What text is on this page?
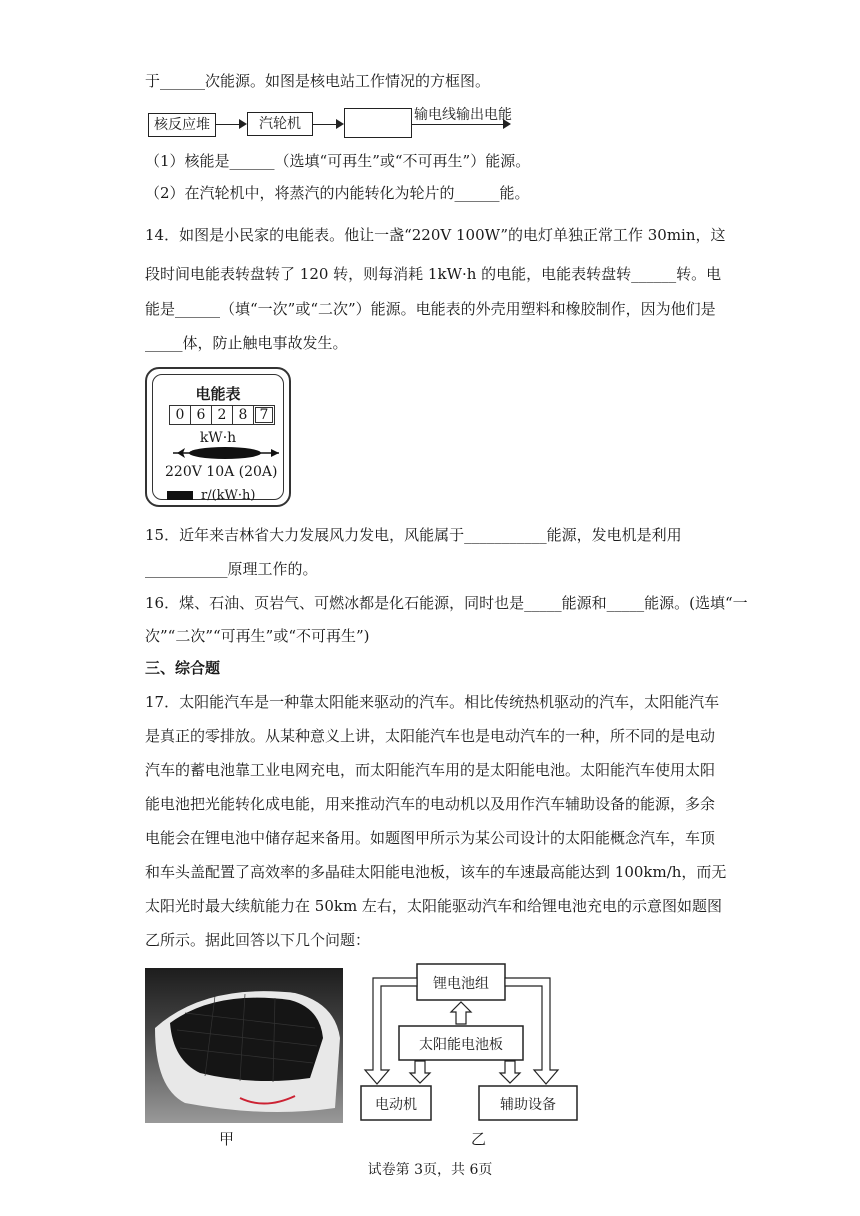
于______次能源。如图是核电站工作情况的方框图。
核反应堆	汽轮机
输电线输出电能
（1）核能是______（选填“可再生”或“不可再生”）能源。
（2）在汽轮机中，将蒸汽的内能转化为轮片的______能。
14．如图是小民家的电能表。他让一盏“220V 100W”的电灯单独正常工作 30min，这
段时间电能表转盘转了 120 转，则每消耗 1kW·h 的电能，电能表转盘转______转。电
能是______（填“一次”或“二次”）能源。电能表的外壳用塑料和橡胶制作，因为他们是
_____体，防止触电事故发生。
电能表
0 6 2 8 7
kW·h
220V 10A (20A)
r/(kW·h)
15．近年来吉林省大力发展风力发电，风能属于___________能源，发电机是利用
___________原理工作的。
16．煤、石油、页岩气、可燃冰都是化石能源，同时也是_____能源和_____能源。(选填“一
次”“二次”“可再生”或“不可再生”)
三、综合题
17．太阳能汽车是一种靠太阳能来驱动的汽车。相比传统热机驱动的汽车，太阳能汽车
是真正的零排放。从某种意义上讲，太阳能汽车也是电动汽车的一种，所不同的是电动
汽车的蓄电池靠工业电网充电，而太阳能汽车用的是太阳能电池。太阳能汽车使用太阳
能电池把光能转化成电能，用来推动汽车的电动机以及用作汽车辅助设备的能源，多余
电能会在锂电池中储存起来备用。如题图甲所示为某公司设计的太阳能概念汽车，车顶
和车头盖配置了高效率的多晶硅太阳能电池板，该车的车速最高能达到 100km/h，而无
太阳光时最大续航能力在 50km 左右，太阳能驱动汽车和给锂电池充电的示意图如题图
乙所示。据此回答以下几个问题：
甲
锂电池组
太阳能电池板
电动机	辅助设备
乙
试卷第 3页，共 6页
